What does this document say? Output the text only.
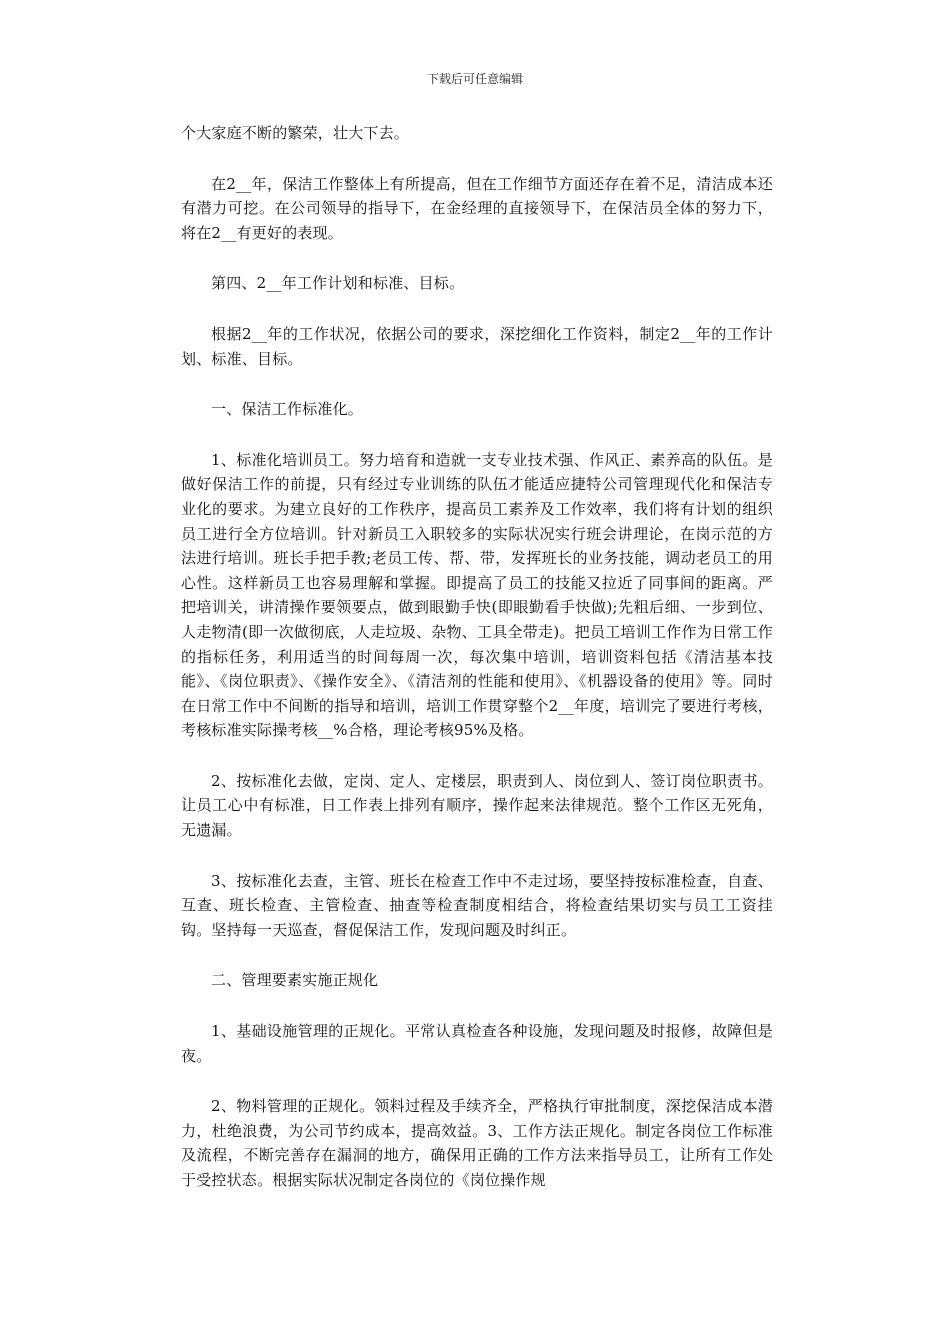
下载后可任意编辑

个大家庭不断的繁荣，壮大下去。

在2__年，保洁工作整体上有所提高，但在工作细节方面还存在着不足，清洁成本还有潜力可挖。在公司领导的指导下，在金经理的直接领导下，在保洁员全体的努力下，将在2__有更好的表现。

第四、2__年工作计划和标准、目标。

根据2__年的工作状况，依据公司的要求，深挖细化工作资料，制定2__年的工作计划、标准、目标。

一、保洁工作标准化。

1、标准化培训员工。努力培育和造就一支专业技术强、作风正、素养高的队伍。是做好保洁工作的前提，只有经过专业训练的队伍才能适应捷特公司管理现代化和保洁专业化的要求。为建立良好的工作秩序，提高员工素养及工作效率，我们将有计划的组织员工进行全方位培训。针对新员工入职较多的实际状况实行班会讲理论，在岗示范的方法进行培训。班长手把手教;老员工传、帮、带，发挥班长的业务技能，调动老员工的用心性。这样新员工也容易理解和掌握。即提高了员工的技能又拉近了同事间的距离。严把培训关，讲清操作要领要点，做到眼勤手快(即眼勤看手快做);先粗后细、一步到位、人走物清(即一次做彻底，人走垃圾、杂物、工具全带走)。把员工培训工作作为日常工作的指标任务，利用适当的时间每周一次，每次集中培训，培训资料包括《清洁基本技能》、《岗位职责》、《操作安全》、《清洁剂的性能和使用》、《机器设备的使用》等。同时在日常工作中不间断的指导和培训，培训工作贯穿整个2__年度，培训完了要进行考核，考核标准实际操考核__%合格，理论考核95%及格。

2、按标准化去做，定岗、定人、定楼层，职责到人、岗位到人、签订岗位职责书。让员工心中有标准，日工作表上排列有顺序，操作起来法律规范。整个工作区无死角，无遗漏。

3、按标准化去查，主管、班长在检查工作中不走过场，要坚持按标准检查，自查、互查、班长检查、主管检查、抽查等检查制度相结合，将检查结果切实与员工工资挂钩。坚持每一天巡查，督促保洁工作，发现问题及时纠正。

二、管理要素实施正规化

1、基础设施管理的正规化。平常认真检查各种设施，发现问题及时报修，故障但是夜。

2、物料管理的正规化。领料过程及手续齐全，严格执行审批制度，深挖保洁成本潜力，杜绝浪费，为公司节约成本，提高效益。3、工作方法正规化。制定各岗位工作标准及流程，不断完善存在漏洞的地方，确保用正确的工作方法来指导员工，让所有工作处于受控状态。根据实际状况制定各岗位的《岗位操作规
